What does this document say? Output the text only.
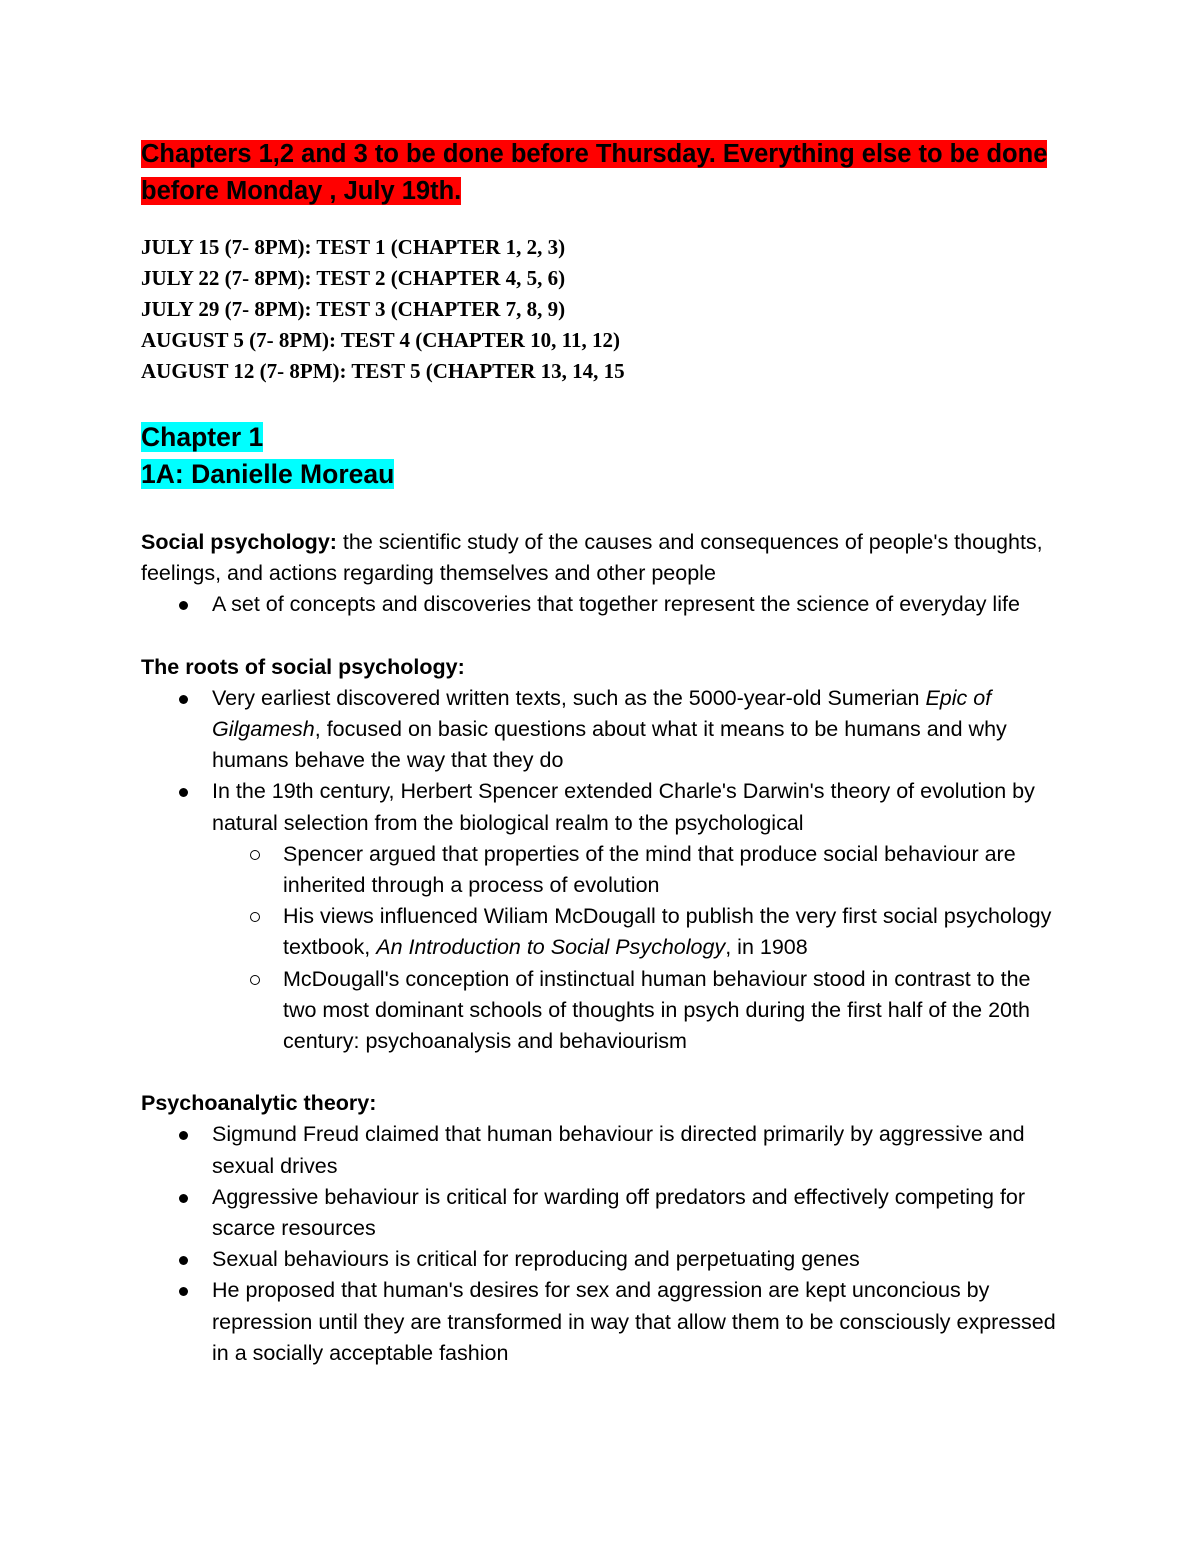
Chapters 1,2 and 3 to be done before Thursday. Everything else to be done before Monday , July 19th.

JULY 15 (7- 8PM): TEST 1 (CHAPTER 1, 2, 3)
JULY 22 (7- 8PM): TEST 2 (CHAPTER 4, 5, 6)
JULY 29 (7- 8PM): TEST 3 (CHAPTER 7, 8, 9)
AUGUST 5 (7- 8PM): TEST 4 (CHAPTER 10, 11, 12)
AUGUST 12 (7- 8PM): TEST 5 (CHAPTER 13, 14, 15
Chapter 1
1A: Danielle Moreau
Social psychology: the scientific study of the causes and consequences of people's thoughts, feelings, and actions regarding themselves and other people
A set of concepts and discoveries that together represent the science of everyday life
The roots of social psychology:
Very earliest discovered written texts, such as the 5000-year-old Sumerian Epic of Gilgamesh, focused on basic questions about what it means to be humans and why humans behave the way that they do
In the 19th century, Herbert Spencer extended Charle's Darwin's theory of evolution by natural selection from the biological realm to the psychological
Spencer argued that properties of the mind that produce social behaviour are inherited through a process of evolution
His views influenced Wiliam McDougall to publish the very first social psychology textbook, An Introduction to Social Psychology, in 1908
McDougall's conception of instinctual human behaviour stood in contrast to the two most dominant schools of thoughts in psych during the first half of the 20th century: psychoanalysis and behaviourism
Psychoanalytic theory:
Sigmund Freud claimed that human behaviour is directed primarily by aggressive and sexual drives
Aggressive behaviour is critical for warding off predators and effectively competing for scarce resources
Sexual behaviours is critical for reproducing and perpetuating genes
He proposed that human's desires for sex and aggression are kept unconcious by repression until they are transformed in way that allow them to be consciously expressed in a socially acceptable fashion
